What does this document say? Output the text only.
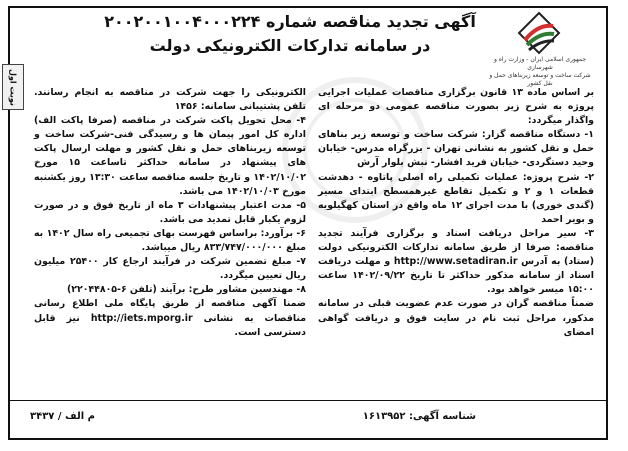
جمهوری اسلامی ایران - وزارت راه و شهرسازی
شرکت ساخت و توسعه زیربناهای حمل و نقل کشور
آگهی تجدید مناقصه شماره ۲۰۰۲۰۰۱۰۰۴۰۰۰۲۲۴
در سامانه تدارکات الکترونیکی دولت
نوبت اول	بر اساس ماده ۱۳ قانون برگزاری مناقصات عملیات اجرایی پروژه به شرح زیر بصورت مناقصه عمومی دو مرحله ای واگذار میگردد:

۱- دستگاه مناقصه گزار: شرکت ساخت و توسعه زیر بناهای حمل و نقل کشور به نشانی تهران - بزرگراه مدرس- خیابان وحید دستگردی- خیابان فرید افشار- نبش بلوار آرش

۲- شرح پروژه: عملیات تکمیلی راه اصلی پاتاوه - دهدشت قطعات ۱ و ۲ و تکمیل تقاطع غیرهمسطح ابتدای مسیر (گندی خوری) با مدت اجرای ۱۲ ماه واقع در استان کهگیلویه و بویر احمد

۳- سیر مراحل دریافت اسناد و برگزاری فرآیند تجدید مناقصه: صرفا از طریق سامانه تدارکات الکترونیکی دولت (ستاد) به آدرس http://www.setadiran.ir و مهلت دریافت اسناد از سامانه مذکور حداکثر تا تاریخ ۱۴۰۲/۰۹/۲۲ ساعت ۱۵:۰۰ میسر خواهد بود.

ضمناً مناقصه گران در صورت عدم عضویت قبلی در سامانه مذکور، مراحل ثبت نام در سایت فوق و دریافت گواهی امضای

الکترونیکی را جهت شرکت در مناقصه به انجام رسانند. تلفن پشتیبانی سامانه: ۱۴۵۶

۴- محل تحویل پاکت شرکت در مناقصه (صرفا پاکت الف) اداره کل امور پیمان ها و رسیدگی فنی-شرکت ساخت و توسعه زیربناهای حمل و نقل کشور و مهلت ارسال پاکت های پیشنهاد در سامانه حداکثر تاساعت ۱۵ مورخ ۱۴۰۲/۱۰/۰۲ و تاریخ جلسه مناقصه ساعت ۱۳:۳۰ روز یکشنبه مورخ ۱۴۰۲/۱۰/۰۳ می باشد.

۵- مدت اعتبار پیشنهادات ۳ ماه از تاریخ فوق و در صورت لزوم یکبار قابل تمدید می باشد.

۶- برآورد: براساس فهرست بهای تجمیعی راه سال ۱۴۰۲ به مبلغ ۸۳۳/۷۴۷/۰۰۰/۰۰۰ ریال میباشد.

۷- مبلغ تضمین شرکت در فرآیند ارجاع کار ۲۵۴۰۰ میلیون ریال تعیین میگردد.

۸- مهندسین مشاور طرح: برآیند (تلفن ۶-۲۲۰۴۴۸۰۵)

ضمنا آگهی مناقصه از طریق پایگاه ملی اطلاع رسانی مناقصات به نشانی http://iets.mporg.ir نیز قابل دسترسی است.

شناسه آگهی: ۱۶۱۳۹۵۲
م الف / ۳۴۳۷
